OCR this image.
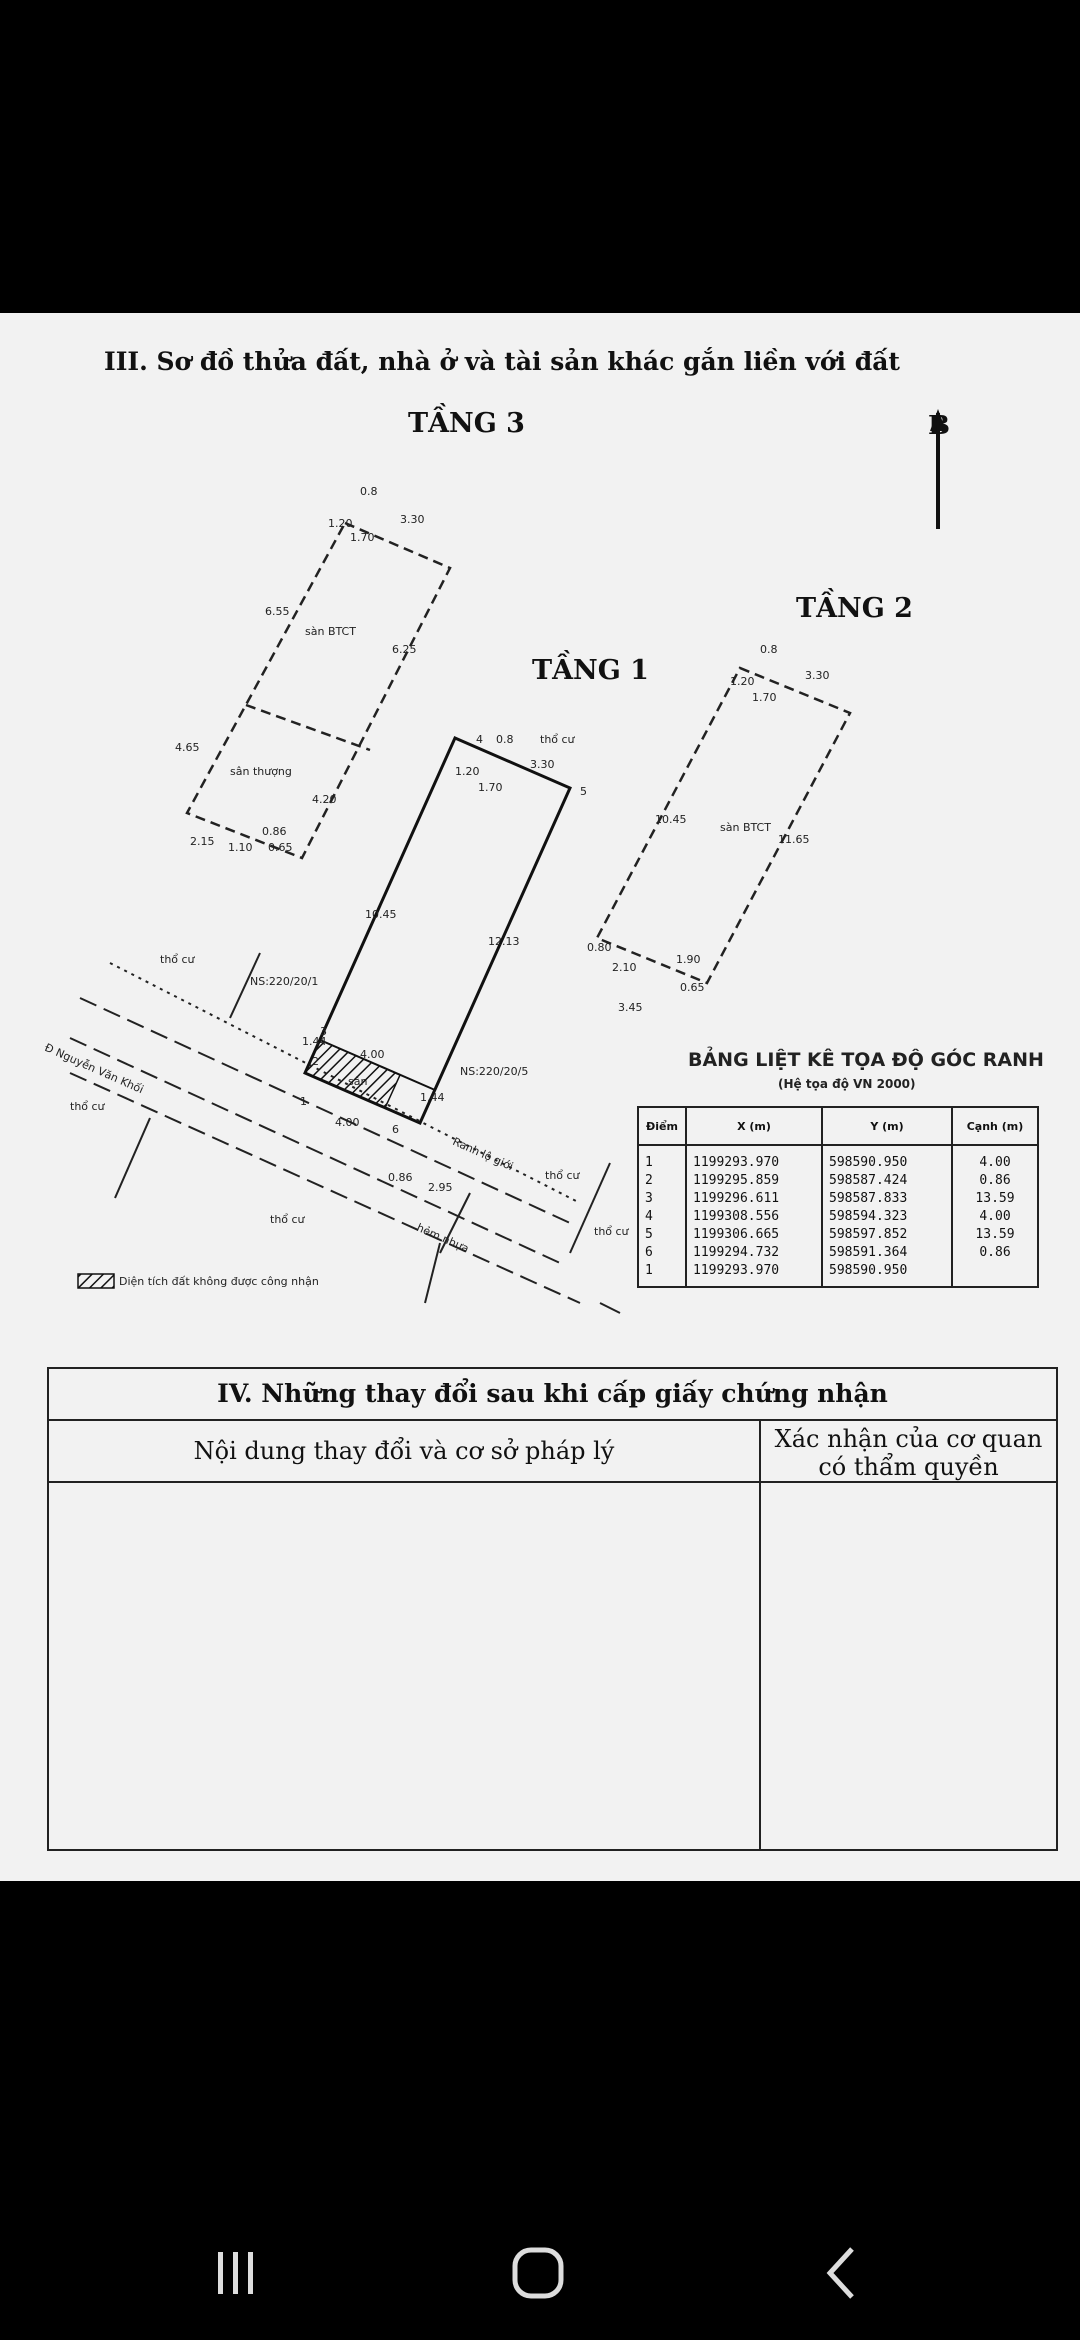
III. Sơ đồ thửa đất, nhà ở và tài sản khác gắn liền với đất
TẦNG 3
TẦNG 2
TẦNG 1
B
sàn BTCT
sân thượng
0.8
3.30
1.20
1.70
6.55
6.25
4.65
4.20
2.15 1.10
0.86
0.65
sàn BTCT
0.8
3.30
1.20
1.70
10.45
11.65
0.80
2.10
1.90
3.45
0.65
sân
0.8
3.30
1.20
1.70
10.45
12.13
4.00
4.00
1.44
1.44
0.86
2.95
1
2
3
4
5
6
NS:220/20/1
NS:220/20/5
Đ Nguyễn Văn Khối
hẻm nhựa
Ranh lộ giới
thổ cư
thổ cư
thổ cư
thổ cư
thổ cư
thổ cư
Diện tích đất không được công nhận
BẢNG LIỆT KÊ TỌA ĐỘ GÓC RANH
(Hệ tọa độ VN 2000)
Điểm	X (m)	Y (m)	Cạnh (m)
1	1199293.970	598590.950	4.00
2	1199295.859	598587.424	0.86
3	1199296.611	598587.833	13.59
4	1199308.556	598594.323	4.00
5	1199306.665	598597.852	13.59
6	1199294.732	598591.364	0.86
1	1199293.970	598590.950	
IV. Những thay đổi sau khi cấp giấy chứng nhận
Nội dung thay đổi và cơ sở pháp lý	Xác nhận của cơ quan
có thẩm quyền
